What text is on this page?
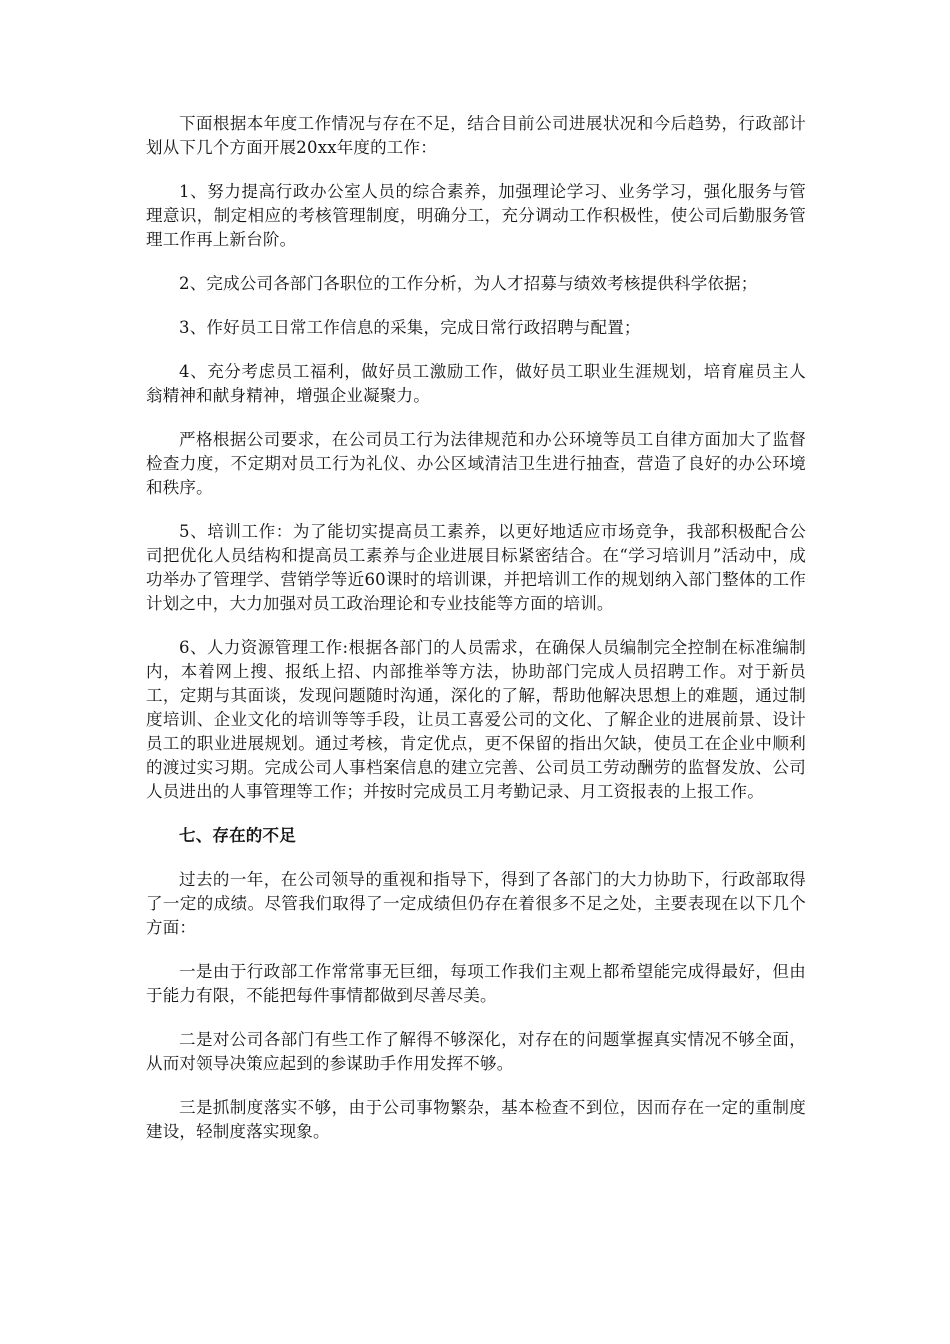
下面根据本年度工作情况与存在不足，结合目前公司进展状况和今后趋势，行政部计划从下几个方面开展20xx年度的工作：

1、努力提高行政办公室人员的综合素养，加强理论学习、业务学习，强化服务与管理意识，制定相应的考核管理制度，明确分工，充分调动工作积极性，使公司后勤服务管理工作再上新台阶。

2、完成公司各部门各职位的工作分析，为人才招募与绩效考核提供科学依据；

3、作好员工日常工作信息的采集，完成日常行政招聘与配置；

4、充分考虑员工福利，做好员工激励工作，做好员工职业生涯规划，培育雇员主人翁精神和献身精神，增强企业凝聚力。

严格根据公司要求，在公司员工行为法律规范和办公环境等员工自律方面加大了监督检查力度，不定期对员工行为礼仪、办公区域清洁卫生进行抽查，营造了良好的办公环境和秩序。

5、培训工作：为了能切实提高员工素养，以更好地适应市场竞争，我部积极配合公司把优化人员结构和提高员工素养与企业进展目标紧密结合。在“学习培训月”活动中，成功举办了管理学、营销学等近60课时的培训课，并把培训工作的规划纳入部门整体的工作计划之中，大力加强对员工政治理论和专业技能等方面的培训。

6、人力资源管理工作:根据各部门的人员需求，在确保人员编制完全控制在标准编制内，本着网上搜、报纸上招、内部推举等方法，协助部门完成人员招聘工作。对于新员工，定期与其面谈，发现问题随时沟通，深化的了解，帮助他解决思想上的难题，通过制度培训、企业文化的培训等等手段，让员工喜爱公司的文化、了解企业的进展前景、设计员工的职业进展规划。通过考核，肯定优点，更不保留的指出欠缺，使员工在企业中顺利的渡过实习期。完成公司人事档案信息的建立完善、公司员工劳动酬劳的监督发放、公司人员进出的人事管理等工作；并按时完成员工月考勤记录、月工资报表的上报工作。

七、存在的不足

过去的一年，在公司领导的重视和指导下，得到了各部门的大力协助下，行政部取得了一定的成绩。尽管我们取得了一定成绩但仍存在着很多不足之处，主要表现在以下几个方面：

一是由于行政部工作常常事无巨细，每项工作我们主观上都希望能完成得最好，但由于能力有限，不能把每件事情都做到尽善尽美。

二是对公司各部门有些工作了解得不够深化，对存在的问题掌握真实情况不够全面，从而对领导决策应起到的参谋助手作用发挥不够。

三是抓制度落实不够，由于公司事物繁杂，基本检查不到位，因而存在一定的重制度建设，轻制度落实现象。
